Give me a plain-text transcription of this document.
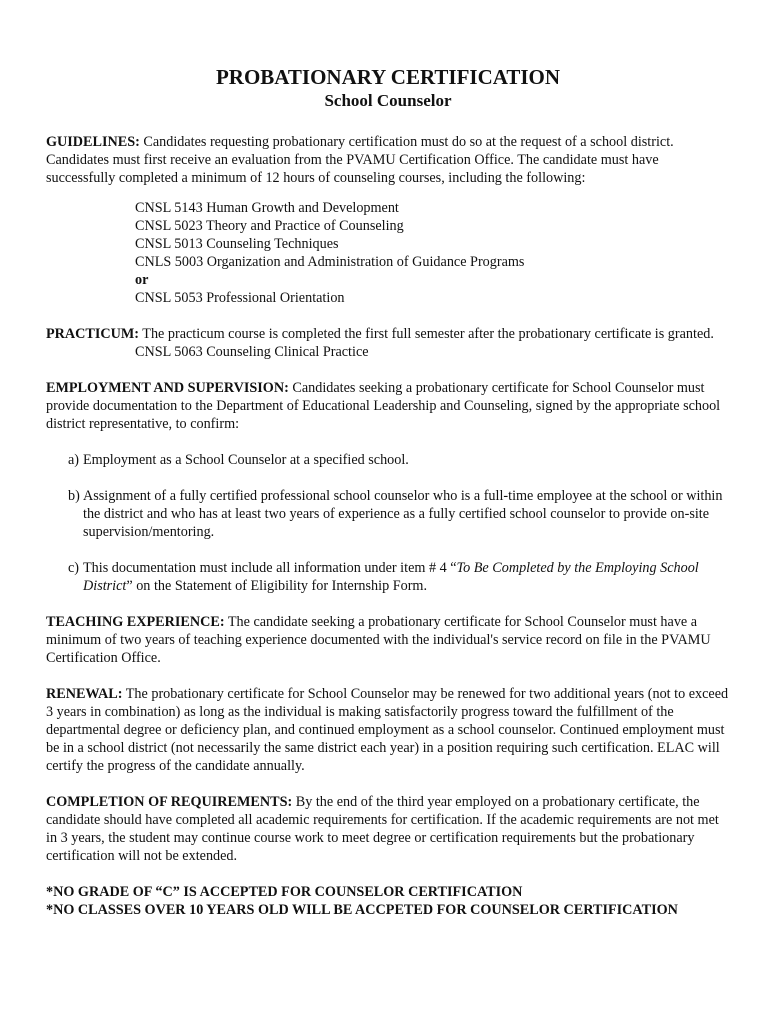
PROBATIONARY CERTIFICATION
School Counselor

GUIDELINES: Candidates requesting probationary certification must do so at the request of a school district. Candidates must first receive an evaluation from the PVAMU Certification Office. The candidate must have successfully completed a minimum of 12 hours of counseling courses, including the following:

CNSL 5143 Human Growth and Development
CNSL 5023 Theory and Practice of Counseling
CNSL 5013 Counseling Techniques
CNLS 5003 Organization and Administration of Guidance Programs
or
CNSL 5053 Professional Orientation

PRACTICUM: The practicum course is completed the first full semester after the probationary certificate is granted.

CNSL 5063 Counseling Clinical Practice

EMPLOYMENT AND SUPERVISION: Candidates seeking a probationary certificate for School Counselor must provide documentation to the Department of Educational Leadership and Counseling, signed by the appropriate school district representative, to confirm:

a) Employment as a School Counselor at a specified school.
b) Assignment of a fully certified professional school counselor who is a full-time employee at the school or within the district and who has at least two years of experience as a fully certified school counselor to provide on-site supervision/mentoring.
c) This documentation must include all information under item # 4 “To Be Completed by the Employing School District” on the Statement of Eligibility for Internship Form.

TEACHING EXPERIENCE: The candidate seeking a probationary certificate for School Counselor must have a minimum of two years of teaching experience documented with the individual's service record on file in the PVAMU Certification Office.

RENEWAL: The probationary certificate for School Counselor may be renewed for two additional years (not to exceed 3 years in combination) as long as the individual is making satisfactorily progress toward the fulfillment of the departmental degree or deficiency plan, and continued employment as a school counselor. Continued employment must be in a school district (not necessarily the same district each year) in a position requiring such certification. ELAC will certify the progress of the candidate annually.

COMPLETION OF REQUIREMENTS: By the end of the third year employed on a probationary certificate, the candidate should have completed all academic requirements for certification. If the academic requirements are not met in 3 years, the student may continue course work to meet degree or certification requirements but the probationary certification will not be extended.

*NO GRADE OF “C” IS ACCEPTED FOR COUNSELOR CERTIFICATION
*NO CLASSES OVER 10 YEARS OLD WILL BE ACCPETED FOR COUNSELOR CERTIFICATION
